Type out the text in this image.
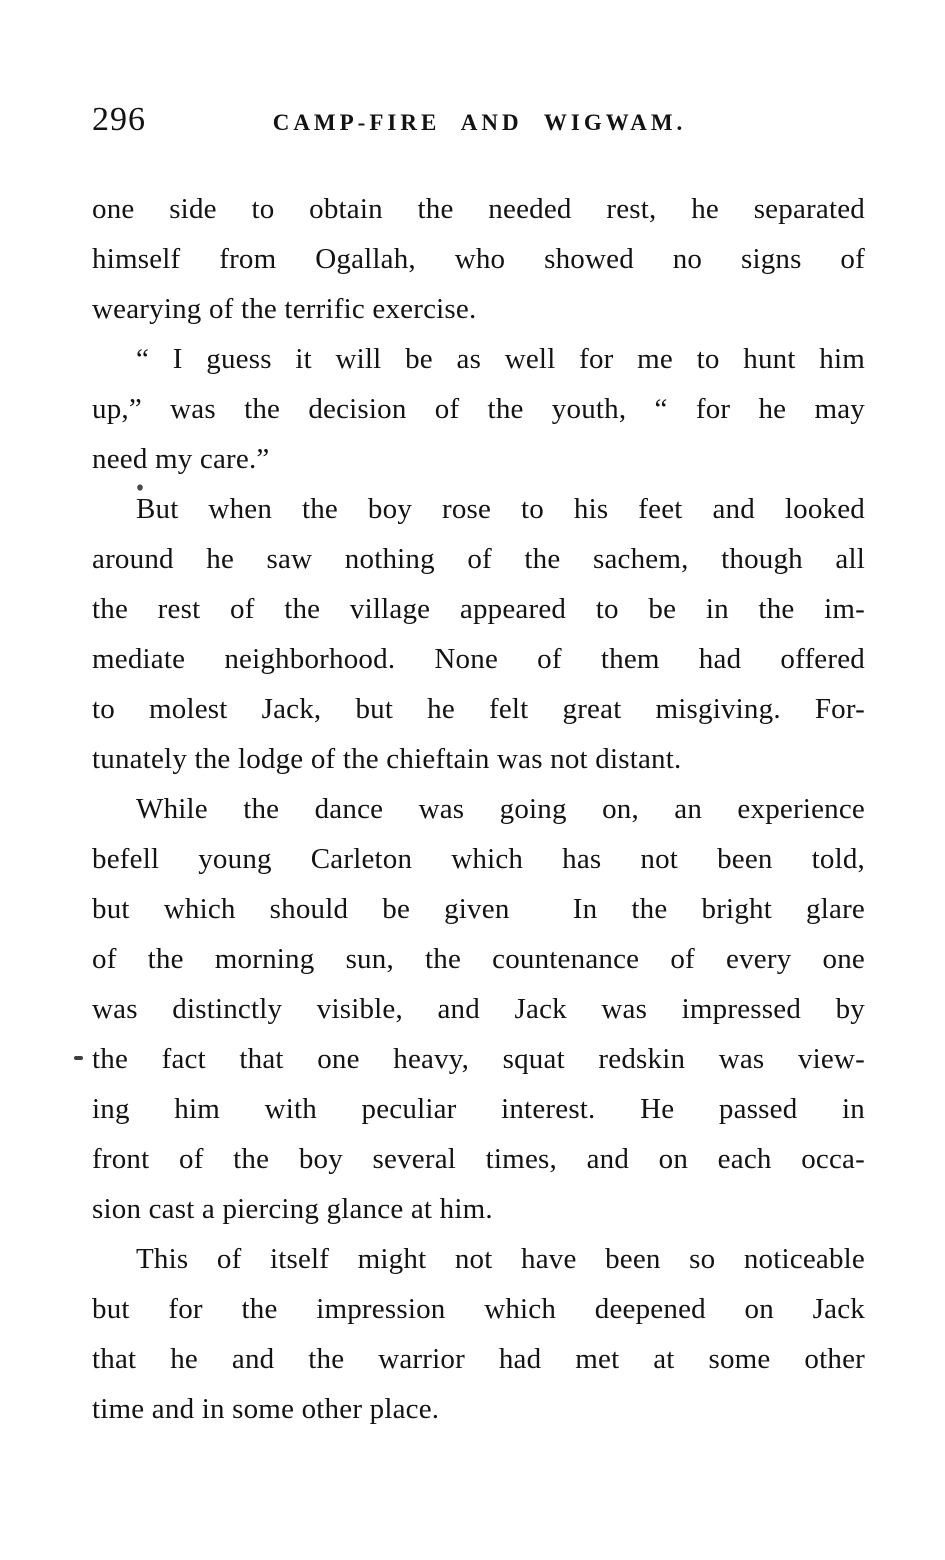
296	CAMP-FIRE AND WIGWAM.
one side to obtain the needed rest, he separated
himself from Ogallah, who showed no signs of
wearying of the terrific exercise.
“ I guess it will be as well for me to hunt him
up,” was the decision of the youth, “ for he may
need my care.”
But when the boy rose to his feet and looked
around he saw nothing of the sachem, though all
the rest of the village appeared to be in the im-
mediate neighborhood. None of them had offered
to molest Jack, but he felt great misgiving. For-
tunately the lodge of the chieftain was not distant.
While the dance was going on, an experience
befell young Carleton which has not been told,
but which should be given  In the bright glare
of the morning sun, the countenance of every one
was distinctly visible, and Jack was impressed by
the fact that one heavy, squat redskin was view-
ing him with peculiar interest. He passed in
front of the boy several times, and on each occa-
sion cast a piercing glance at him.
This of itself might not have been so noticeable
but for the impression which deepened on Jack
that he and the warrior had met at some other
time and in some other place.
